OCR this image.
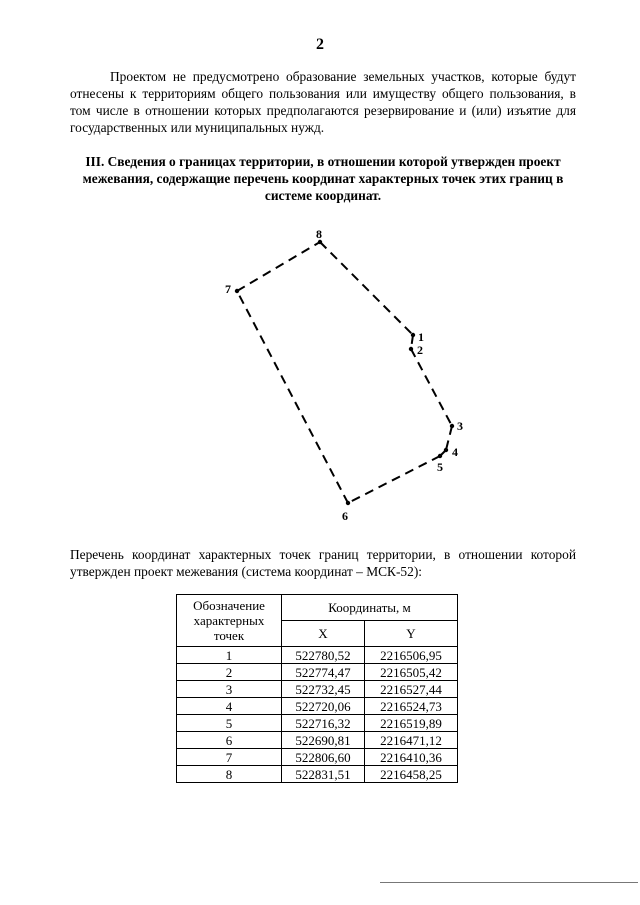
2
Проектом не предусмотрено образование земельных участков, которые будут отнесены к территориям общего пользования или имуществу общего пользования, в том числе в отношении которых предполагаются резервирование и (или) изъятие для государственных или муниципальных нужд.
III. Сведения о границах территории, в отношении которой утвержден проект межевания, содержащие перечень координат характерных точек этих границ в системе координат.
1
2
3
4
5
6
7
8
Перечень координат характерных точек границ территории, в отношении которой утвержден проект межевания (система координат – МСК-52):
Обозначение характерных точек	Координаты, м	
	X	Y
1	522780,52	2216506,95
2	522774,47	2216505,42
3	522732,45	2216527,44
4	522720,06	2216524,73
5	522716,32	2216519,89
6	522690,81	2216471,12
7	522806,60	2216410,36
8	522831,51	2216458,25
